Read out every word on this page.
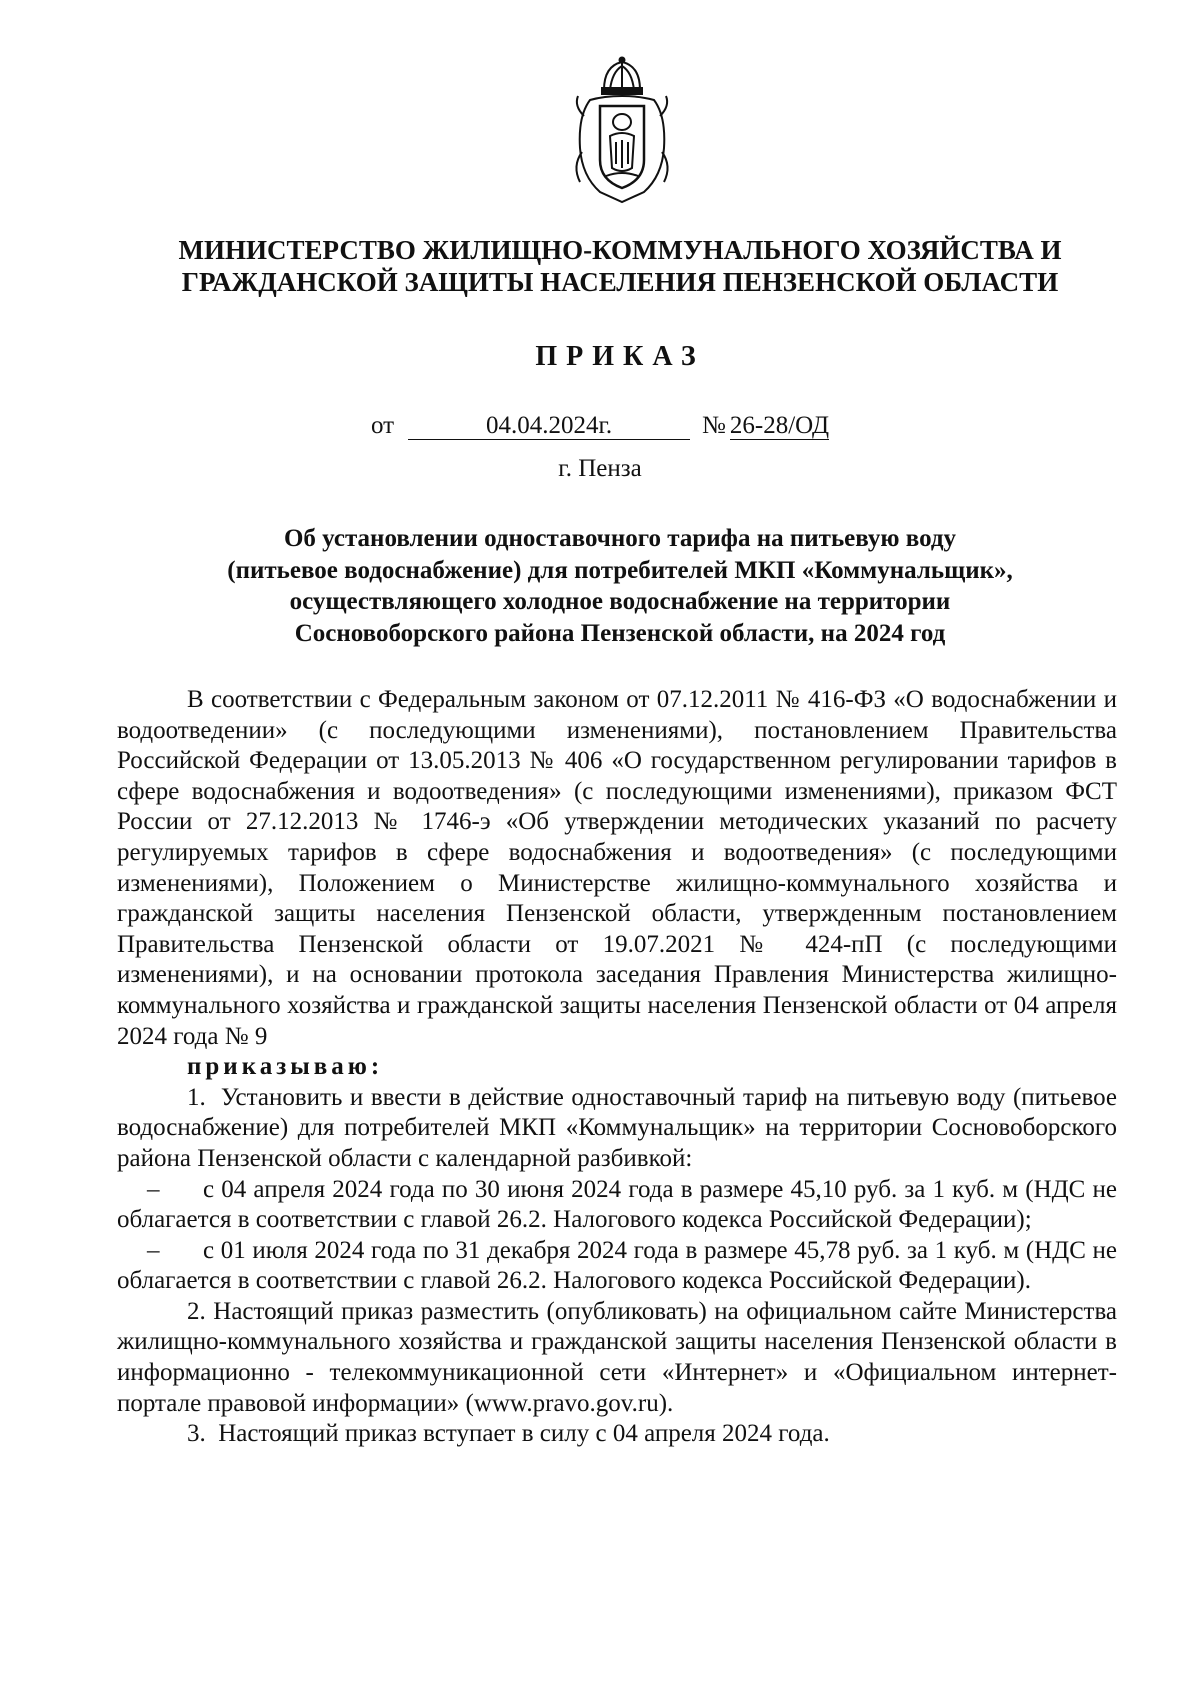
МИНИСТЕРСТВО ЖИЛИЩНО-КОММУНАЛЬНОГО ХОЗЯЙСТВА И
ГРАЖДАНСКОЙ ЗАЩИТЫ НАСЕЛЕНИЯ ПЕНЗЕНСКОЙ ОБЛАСТИ
ПРИКАЗ
от	04.04.2024г.	№ 26-28/ОД
г. Пенза
Об установлении одноставочного тарифа на питьевую воду
(питьевое водоснабжение) для потребителей МКП «Коммунальщик»,
осуществляющего холодное водоснабжение на территории
Сосновоборского района Пензенской области, на 2024 год

В соответствии с Федеральным законом от 07.12.2011 № 416-ФЗ «О водоснабжении и водоотведении» (с последующими изменениями), постановлением Правительства Российской Федерации от 13.05.2013 № 406 «О государственном регулировании тарифов в сфере водоснабжения и водоотведения» (с последующими изменениями), приказом ФСТ России от 27.12.2013 № 1746-э «Об утверждении методических указаний по расчету регулируемых тарифов в сфере водоснабжения и водоотведения» (с последующими изменениями), Положением о Министерстве жилищно-коммунального хозяйства и гражданской защиты населения Пензенской области, утвержденным постановлением Правительства Пензенской области от 19.07.2021 № 424-пП (с последующими изменениями), и на основании протокола заседания Правления Министерства жилищно-коммунального хозяйства и гражданской защиты населения Пензенской области от 04 апреля 2024 года № 9
приказываю:

1. Установить и ввести в действие одноставочный тариф на питьевую воду (питьевое водоснабжение) для потребителей МКП «Коммунальщик» на территории Сосновоборского района Пензенской области с календарной разбивкой:

– с 04 апреля 2024 года по 30 июня 2024 года в размере 45,10 руб. за 1 куб. м (НДС не облагается в соответствии с главой 26.2. Налогового кодекса Российской Федерации);

– с 01 июля 2024 года по 31 декабря 2024 года в размере 45,78 руб. за 1 куб. м (НДС не облагается в соответствии с главой 26.2. Налогового кодекса Российской Федерации).

2. Настоящий приказ разместить (опубликовать) на официальном сайте Министерства жилищно-коммунального хозяйства и гражданской защиты населения Пензенской области в информационно - телекоммуникационной сети «Интернет» и «Официальном интернет-портале правовой информации» (www.pravo.gov.ru).

3. Настоящий приказ вступает в силу с 04 апреля 2024 года.
